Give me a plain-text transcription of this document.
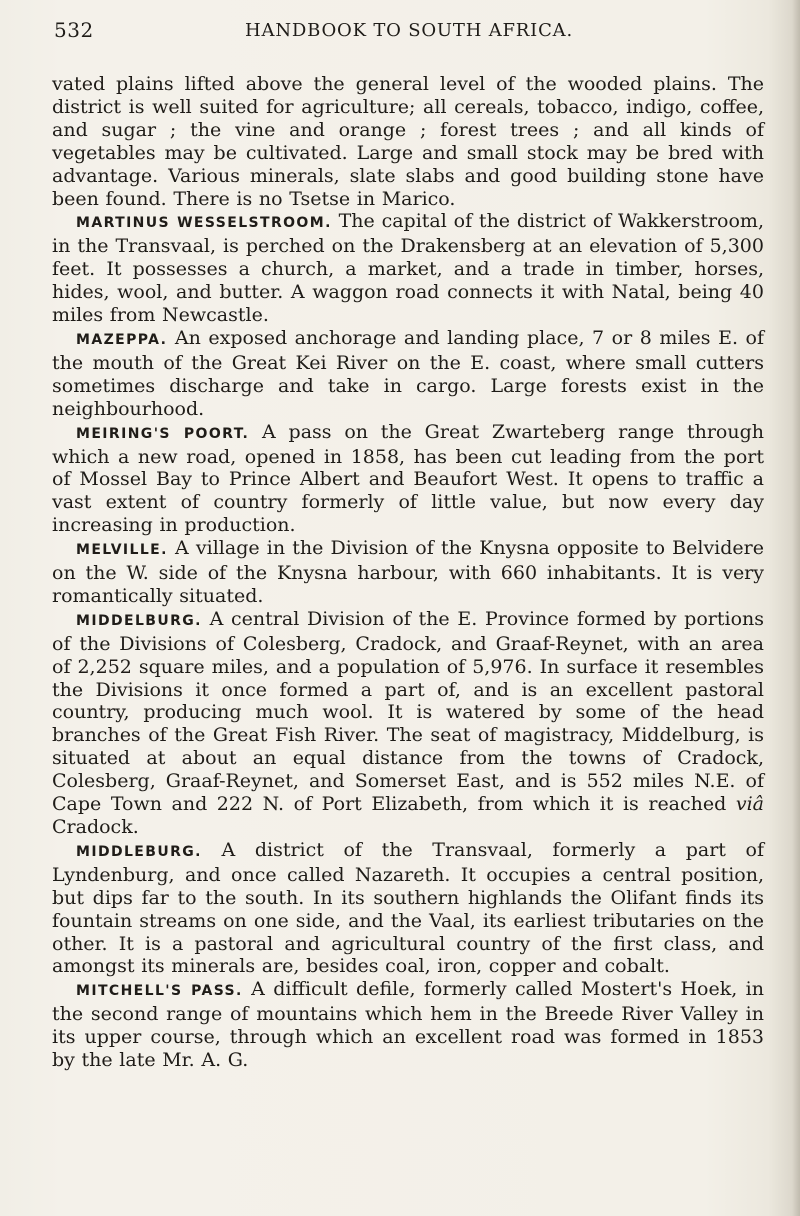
532	HANDBOOK TO SOUTH AFRICA.

vated plains lifted above the general level of the wooded plains. The district is well suited for agriculture; all cereals, tobacco, indigo, coffee, and sugar ; the vine and orange ; forest trees ; and all kinds of vegetables may be cultivated. Large and small stock may be bred with advantage. Various minerals, slate slabs and good building stone have been found. There is no Tsetse in Marico.

MARTINUS WESSELSTROOM. The capital of the district of Wakkerstroom, in the Transvaal, is perched on the Drakensberg at an elevation of 5,300 feet. It possesses a church, a market, and a trade in timber, horses, hides, wool, and butter. A waggon road connects it with Natal, being 40 miles from Newcastle.

MAZEPPA. An exposed anchorage and landing place, 7 or 8 miles E. of the mouth of the Great Kei River on the E. coast, where small cutters sometimes discharge and take in cargo. Large forests exist in the neighbourhood.

MEIRING'S POORT. A pass on the Great Zwarteberg range through which a new road, opened in 1858, has been cut leading from the port of Mossel Bay to Prince Albert and Beaufort West. It opens to traffic a vast extent of country formerly of little value, but now every day increasing in production.

MELVILLE. A village in the Division of the Knysna opposite to Belvidere on the W. side of the Knysna harbour, with 660 inhabitants. It is very romantically situated.

MIDDELBURG. A central Division of the E. Province formed by portions of the Divisions of Colesberg, Cradock, and Graaf-Reynet, with an area of 2,252 square miles, and a population of 5,976. In surface it resembles the Divisions it once formed a part of, and is an excellent pastoral country, producing much wool. It is watered by some of the head branches of the Great Fish River. The seat of magistracy, Middelburg, is situated at about an equal distance from the towns of Cradock, Colesberg, Graaf-Reynet, and Somerset East, and is 552 miles N.E. of Cape Town and 222 N. of Port Elizabeth, from which it is reached viâ Cradock.

MIDDLEBURG. A district of the Transvaal, formerly a part of Lyndenburg, and once called Nazareth. It occupies a central position, but dips far to the south. In its southern highlands the Olifant finds its fountain streams on one side, and the Vaal, its earliest tributaries on the other. It is a pastoral and agricultural country of the first class, and amongst its minerals are, besides coal, iron, copper and cobalt.

MITCHELL'S PASS. A difficult defile, formerly called Mostert's Hoek, in the second range of mountains which hem in the Breede River Valley in its upper course, through which an excellent road was formed in 1853 by the late Mr. A. G.
